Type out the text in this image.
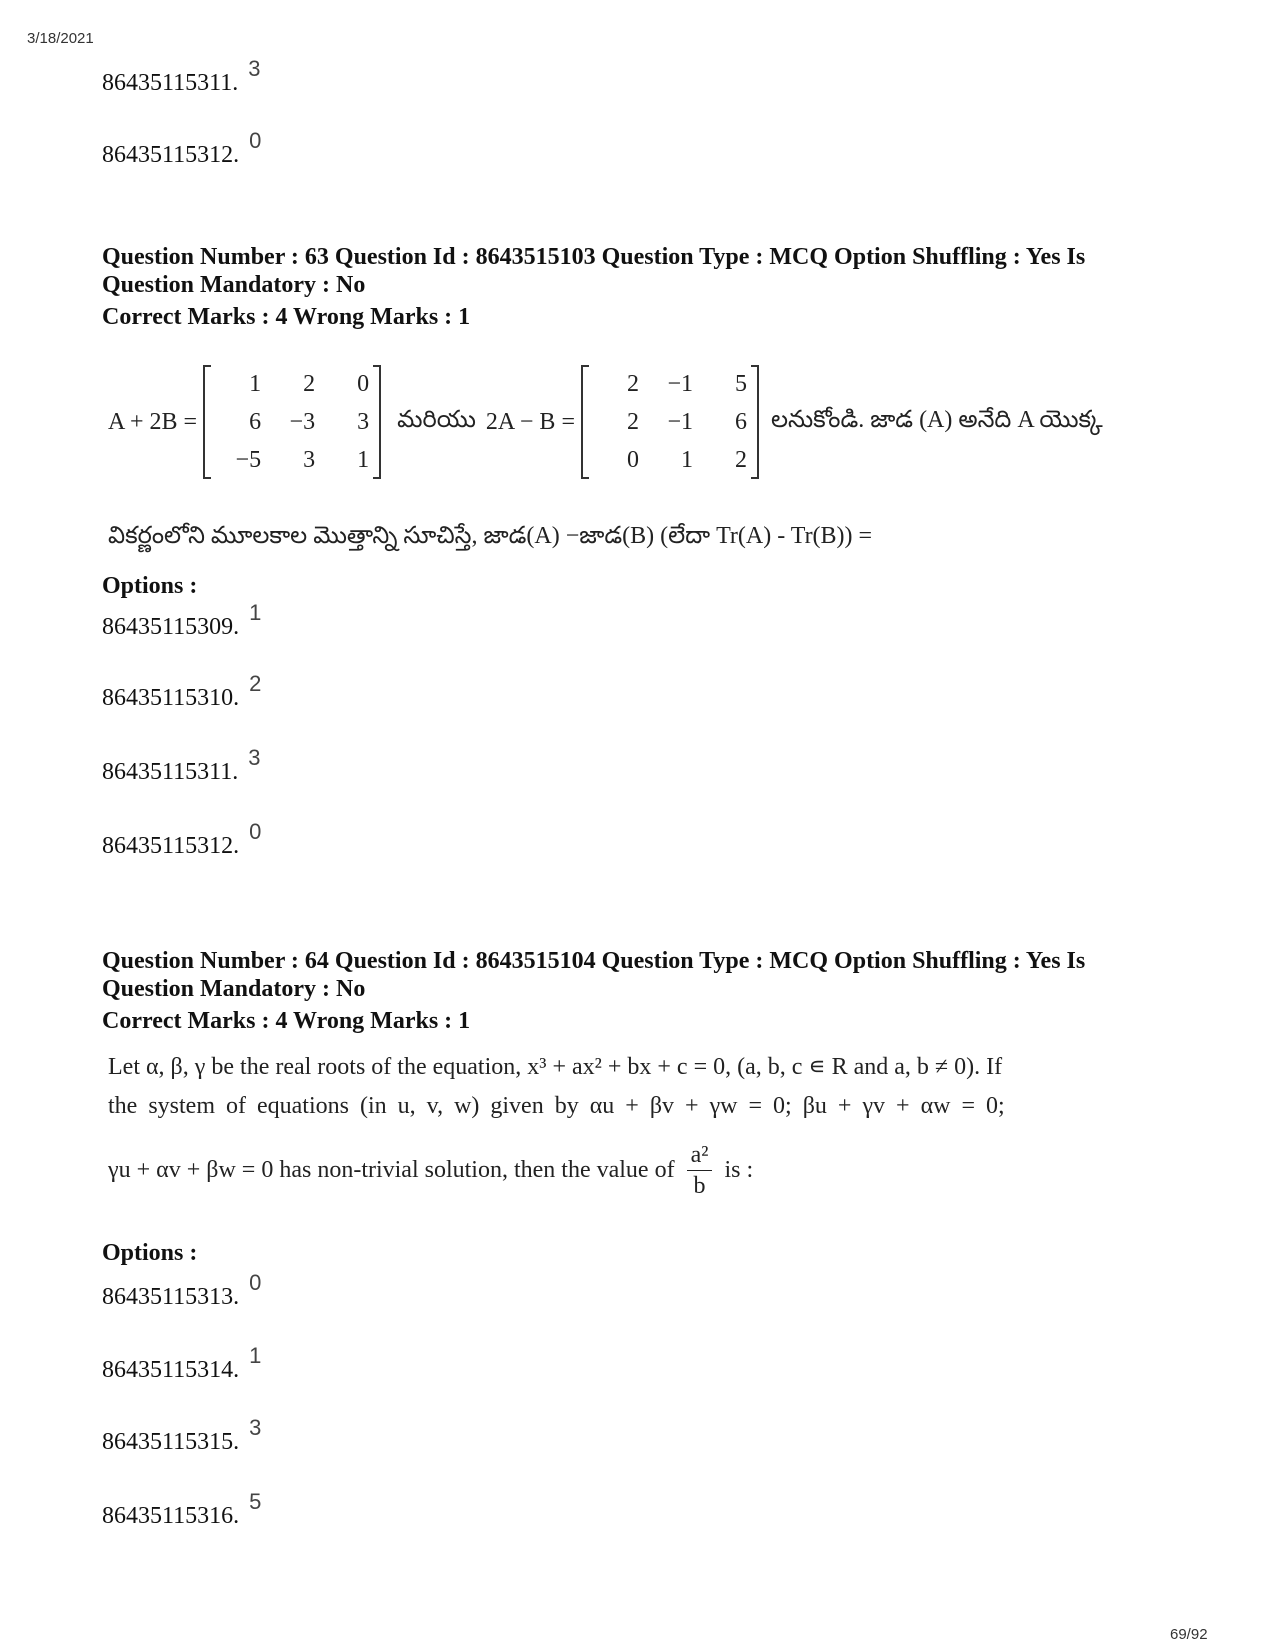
3/18/2021
86435115311.3
86435115312.0
Question Number : 63 Question Id : 8643515103 Question Type : MCQ Option Shuffling : Yes Is
Question Mandatory : No
Correct Marks : 4 Wrong Marks : 1
A + 2B =
1	2	0
6	−3	3
−5	3	1
మరియు 2A − B =
2	−1	5
2	−1	6
0	1	2
లనుకోండి. జాడ (A) అనేది A యొక్క
వికర్ణంలోని మూలకాల మొత్తాన్ని సూచిస్తే, జాడ(A) −జాడ(B) (లేదా Tr(A) - Tr(B)) =
Options :
86435115309.1
86435115310.2
86435115311.3
86435115312.0
Question Number : 64 Question Id : 8643515104 Question Type : MCQ Option Shuffling : Yes Is
Question Mandatory : No
Correct Marks : 4 Wrong Marks : 1
Let α, β, γ be the real roots of the equation, x³ + ax² + bx + c = 0, (a, b, c ∊ R and a, b ≠ 0). If
the system of equations (in u, v, w) given by αu + βv + γw = 0; βu + γv + αw = 0;
γu + αv + βw = 0 has non-trivial solution, then the value of $\frac{\text{a²}}{b}$ is :
Options :
86435115313.0
86435115314.1
86435115315.3
86435115316.5
69/92
